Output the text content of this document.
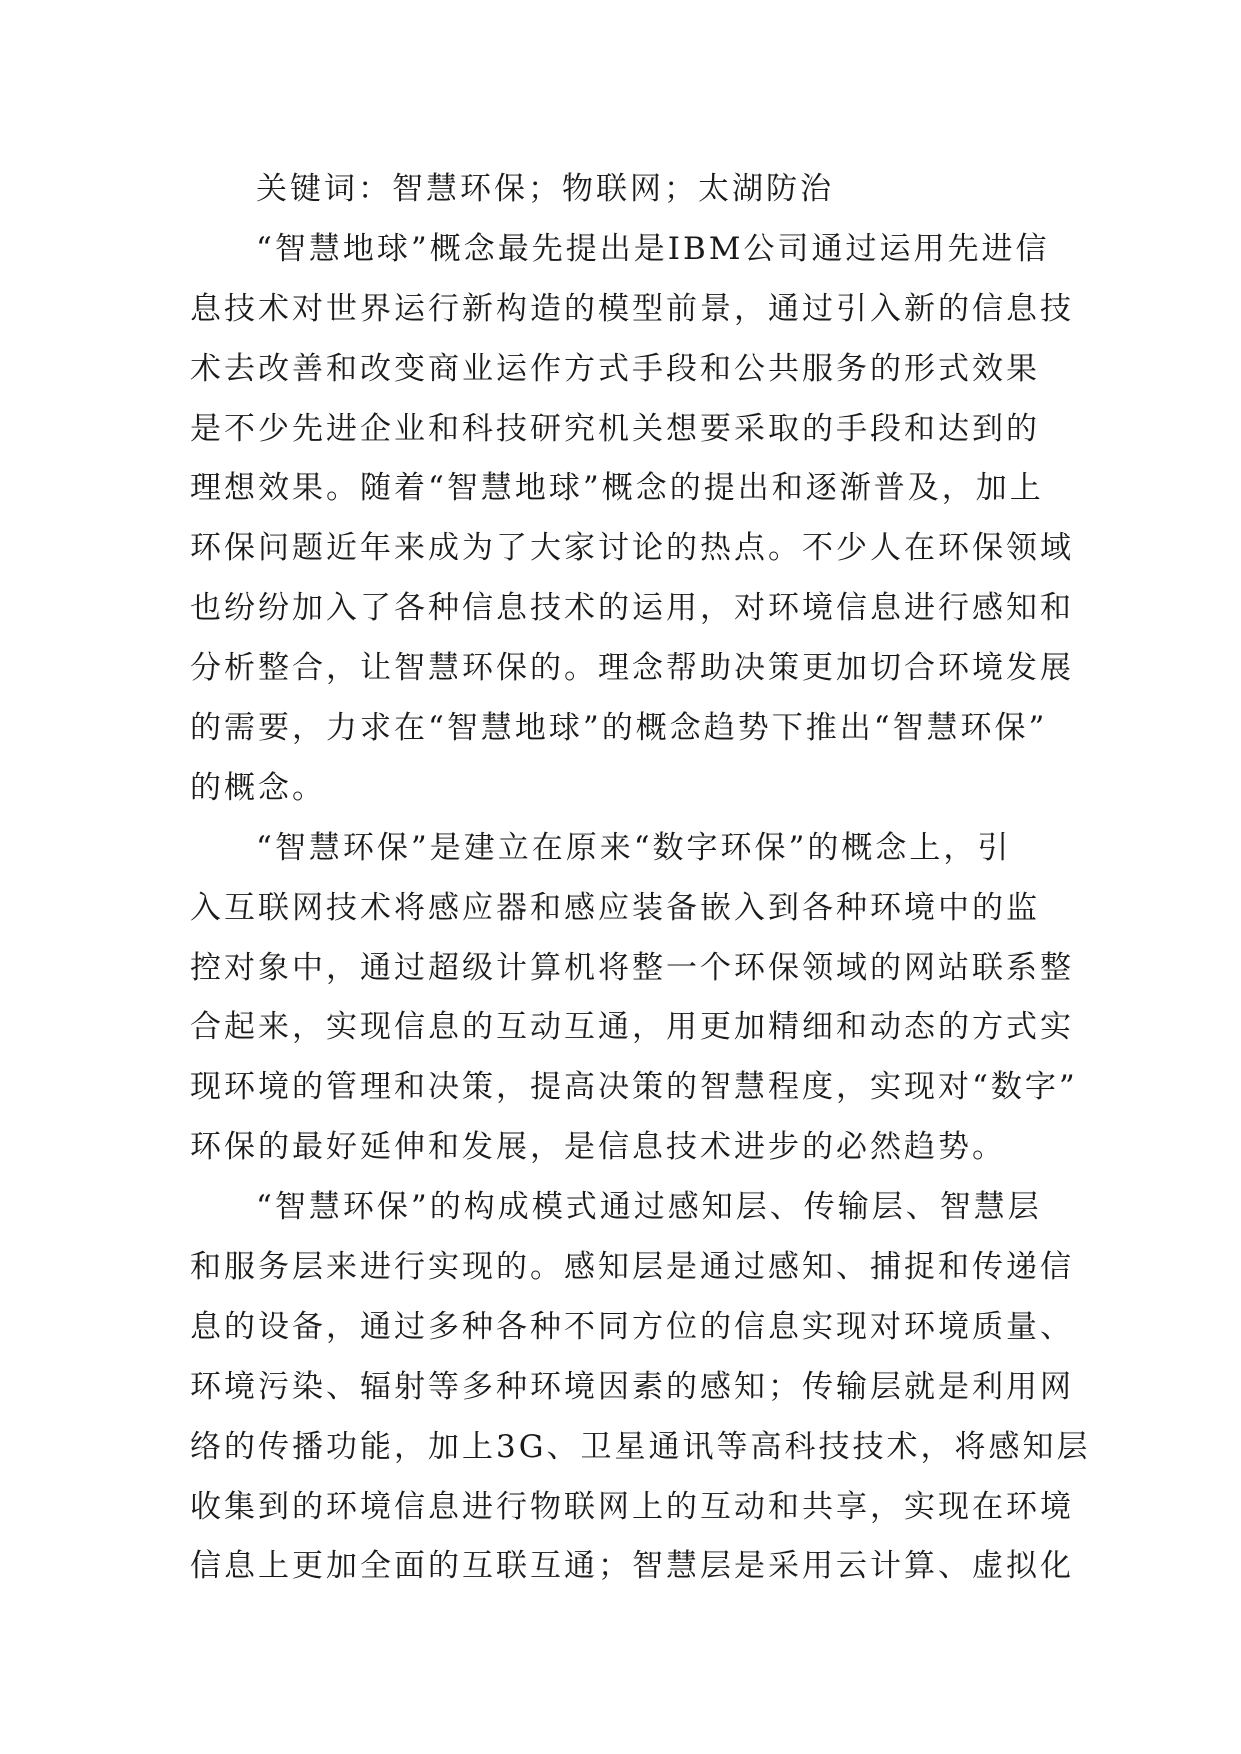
关键词：智慧环保；物联网；太湖防治
“智慧地球”概念最先提出是IBM公司通过运用先进信
息技术对世界运行新构造的模型前景，通过引入新的信息技
术去改善和改变商业运作方式手段和公共服务的形式效果
是不少先进企业和科技研究机关想要采取的手段和达到的
理想效果。随着“智慧地球”概念的提出和逐渐普及，加上
环保问题近年来成为了大家讨论的热点。不少人在环保领域
也纷纷加入了各种信息技术的运用，对环境信息进行感知和
分析整合，让智慧环保的。理念帮助决策更加切合环境发展
的需要，力求在“智慧地球”的概念趋势下推出“智慧环保”
的概念。
“智慧环保”是建立在原来“数字环保”的概念上，引
入互联网技术将感应器和感应装备嵌入到各种环境中的监
控对象中，通过超级计算机将整一个环保领域的网站联系整
合起来，实现信息的互动互通，用更加精细和动态的方式实
现环境的管理和决策，提高决策的智慧程度，实现对“数字”
环保的最好延伸和发展，是信息技术进步的必然趋势。
“智慧环保”的构成模式通过感知层、传输层、智慧层
和服务层来进行实现的。感知层是通过感知、捕捉和传递信
息的设备，通过多种各种不同方位的信息实现对环境质量、
环境污染、辐射等多种环境因素的感知；传输层就是利用网
络的传播功能，加上3G、卫星通讯等高科技技术，将感知层
收集到的环境信息进行物联网上的互动和共享，实现在环境
信息上更加全面的互联互通；智慧层是采用云计算、虚拟化
